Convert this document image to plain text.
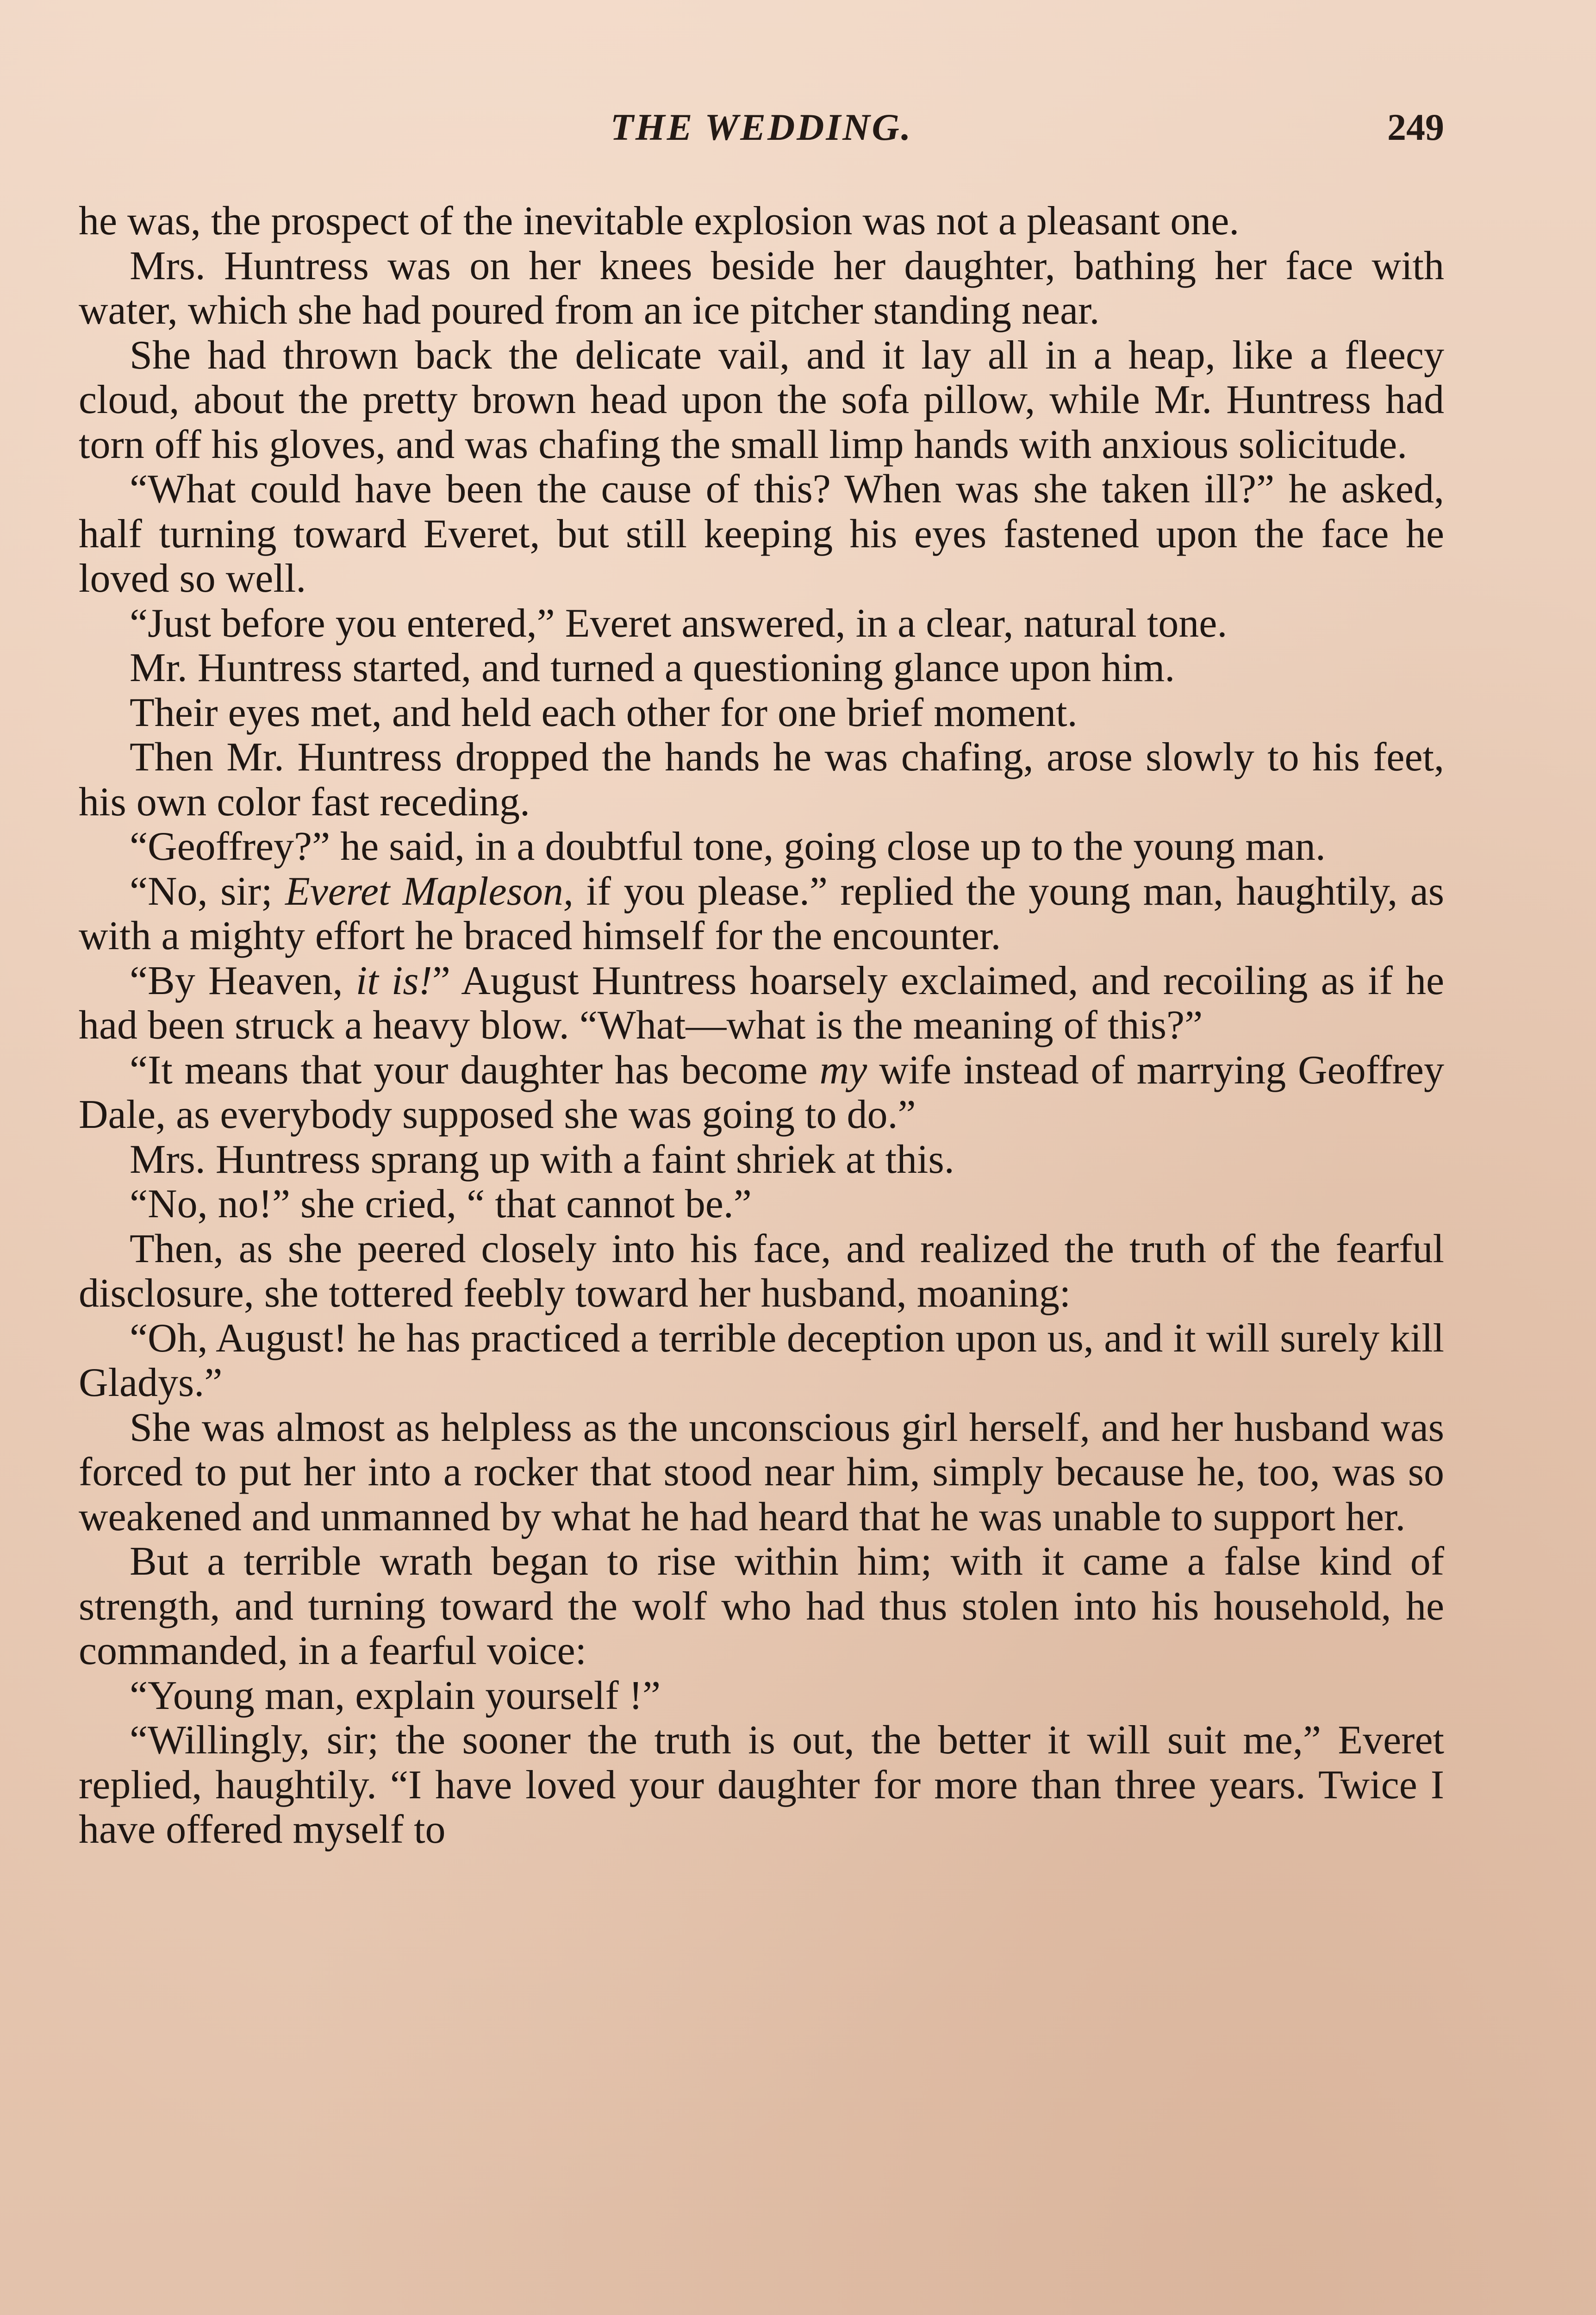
THE WEDDING.	249

he was, the prospect of the inevitable explosion was not a pleasant one.

Mrs. Huntress was on her knees beside her daughter, bathing her face with water, which she had poured from an ice pitcher standing near.

She had thrown back the delicate vail, and it lay all in a heap, like a fleecy cloud, about the pretty brown head upon the sofa pillow, while Mr. Huntress had torn off his gloves, and was chafing the small limp hands with anxious solicitude.

“What could have been the cause of this? When was she taken ill?” he asked, half turning toward Everet, but still keeping his eyes fastened upon the face he loved so well.

“Just before you entered,” Everet answered, in a clear, natural tone.

Mr. Huntress started, and turned a questioning glance upon him.

Their eyes met, and held each other for one brief moment.

Then Mr. Huntress dropped the hands he was chafing, arose slowly to his feet, his own color fast receding.

“Geoffrey?” he said, in a doubtful tone, going close up to the young man.

“No, sir; Everet Mapleson, if you please.” replied the young man, haughtily, as with a mighty effort he braced himself for the encounter.

“By Heaven, it is!” August Huntress hoarsely exclaimed, and recoiling as if he had been struck a heavy blow. “What—what is the meaning of this?”

“It means that your daughter has become my wife instead of marrying Geoffrey Dale, as everybody supposed she was going to do.”

Mrs. Huntress sprang up with a faint shriek at this.

“No, no!” she cried, “ that cannot be.”

Then, as she peered closely into his face, and realized the truth of the fearful disclosure, she tottered feebly toward her husband, moaning:

“Oh, August! he has practiced a terrible deception upon us, and it will surely kill Gladys.”

She was almost as helpless as the unconscious girl herself, and her husband was forced to put her into a rocker that stood near him, simply because he, too, was so weakened and unmanned by what he had heard that he was unable to support her.

But a terrible wrath began to rise within him; with it came a false kind of strength, and turning toward the wolf who had thus stolen into his household, he commanded, in a fearful voice:

“Young man, explain yourself !”

“Willingly, sir; the sooner the truth is out, the better it will suit me,” Everet replied, haughtily. “I have loved your daughter for more than three years. Twice I have offered myself to
